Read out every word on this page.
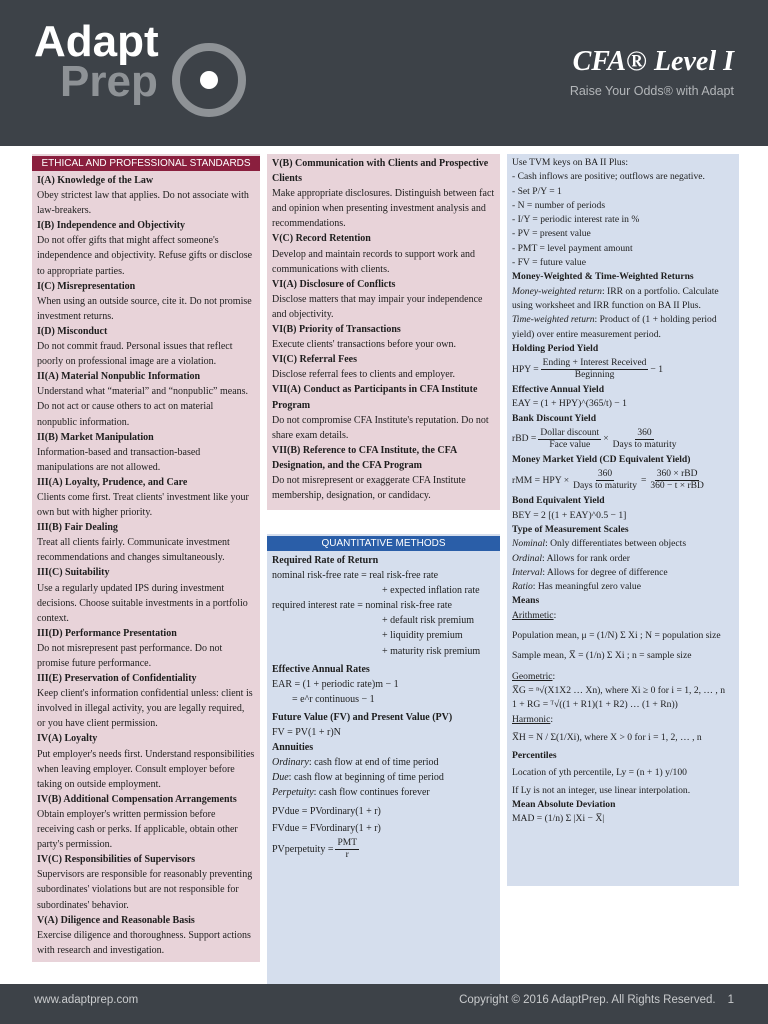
Adapt
Prep	CFA® Level I
Raise Your Odds® with Adapt
ETHICAL AND PROFESSIONAL STANDARDS
I(A) Knowledge of the Law
Obey strictest law that applies. Do not associate with law-breakers.
I(B) Independence and Objectivity
Do not offer gifts that might affect someone's independence and objectivity. Refuse gifts or disclose to appropriate parties.
I(C) Misrepresentation
When using an outside source, cite it. Do not promise investment returns.
I(D) Misconduct
Do not commit fraud. Personal issues that reflect poorly on professional image are a violation.
II(A) Material Nonpublic Information
Understand what “material” and “nonpublic” means. Do not act or cause others to act on material nonpublic information.
II(B) Market Manipulation
Information-based and transaction-based manipulations are not allowed.
III(A) Loyalty, Prudence, and Care
Clients come first. Treat clients' investment like your own but with higher priority.
III(B) Fair Dealing
Treat all clients fairly. Communicate investment recommendations and changes simultaneously.
III(C) Suitability
Use a regularly updated IPS during investment decisions. Choose suitable investments in a portfolio context.
III(D) Performance Presentation
Do not misrepresent past performance. Do not promise future performance.
III(E) Preservation of Confidentiality
Keep client's information confidential unless: client is involved in illegal activity, you are legally required, or you have client permission.
IV(A) Loyalty
Put employer's needs first. Understand responsibilities when leaving employer. Consult employer before taking on outside employment.
IV(B) Additional Compensation Arrangements
Obtain employer's written permission before receiving cash or perks. If applicable, obtain other party's permission.
IV(C) Responsibilities of Supervisors
Supervisors are responsible for reasonably preventing subordinates' violations but are not responsible for subordinates' behavior.
V(A) Diligence and Reasonable Basis
Exercise diligence and thoroughness. Support actions with research and investigation.
V(B) Communication with Clients and Prospective Clients
Make appropriate disclosures. Distinguish between fact and opinion when presenting investment analysis and recommendations.
V(C) Record Retention
Develop and maintain records to support work and communications with clients.
VI(A) Disclosure of Conflicts
Disclose matters that may impair your independence and objectivity.
VI(B) Priority of Transactions
Execute clients' transactions before your own.
VI(C) Referral Fees
Disclose referral fees to clients and employer.
VII(A) Conduct as Participants in CFA Institute Program
Do not compromise CFA Institute's reputation. Do not share exam details.
VII(B) Reference to CFA Institute, the CFA Designation, and the CFA Program
Do not misrepresent or exaggerate CFA Institute membership, designation, or candidacy.
QUANTITATIVE METHODS
Required Rate of Return
nominal risk-free rate = real risk-free rate
+ expected inflation rate
required interest rate = nominal risk-free rate
+ default risk premium
+ liquidity premium
+ maturity risk premium
Effective Annual Rates
EAR = (1 + periodic rate)m − 1
= e^r continuous − 1
Future Value (FV) and Present Value (PV)
FV = PV(1 + r)N
Annuities
Ordinary: cash flow at end of time period
Due: cash flow at beginning of time period
Perpetuity: cash flow continues forever
PVdue = PVordinary(1 + r)
FVdue = FVordinary(1 + r)
PVperpetuity = $\frac{\text{PMT}}{r}$
Use TVM keys on BA II Plus:
- Cash inflows are positive; outflows are negative.
- Set P/Y = 1
- N = number of periods
- I/Y = periodic interest rate in %
- PV = present value
- PMT = level payment amount
- FV = future value
Money-Weighted & Time-Weighted Returns
Money-weighted return: IRR on a portfolio. Calculate using worksheet and IRR function on BA II Plus.
Time-weighted return: Product of (1 + holding period yield) over entire measurement period.
Holding Period Yield
HPY = $\frac{\text{Ending + Interest Received}}{\text{Beginning}} - 1$
Effective Annual Yield
EAY = (1 + HPY)^(365/t) − 1
Bank Discount Yield
rBD = $\frac{\text{Dollar discount}}{\text{Face value}} \times \frac{360}{\text{Days to maturity}}$
Money Market Yield (CD Equivalent Yield)
rMM = HPY × $\frac{360}{\text{Days to maturity}} = \frac{\text{360 × rBD}}{\text{360 − t × rBD}}$
Bond Equivalent Yield
BEY = 2 [(1 + EAY)^0.5 − 1]
Type of Measurement Scales
Nominal: Only differentiates between objects
Ordinal: Allows for rank order
Interval: Allows for degree of difference
Ratio: Has meaningful zero value
Means
Arithmetic:
Population mean, μ = (1/N) Σ Xi ; N = population size
Sample mean, X̅ = (1/n) Σ Xi ; n = sample size
Geometric:
X̅G = ⁿ√(X1X2 … Xn), where Xi ≥ 0 for i = 1, 2, … , n
1 + RG = ᵀ√((1 + R1)(1 + R2) … (1 + Rn))
Harmonic:
X̅H = N / Σ(1/Xi), where X > 0 for i = 1, 2, … , n
Percentiles
Location of yth percentile, Ly = (n + 1) y/100
If Ly is not an integer, use linear interpolation.
Mean Absolute Deviation
MAD = (1/n) Σ |Xi − X̅|
www.adaptprep.com	Copyright © 2016 AdaptPrep. All Rights Reserved. 1
